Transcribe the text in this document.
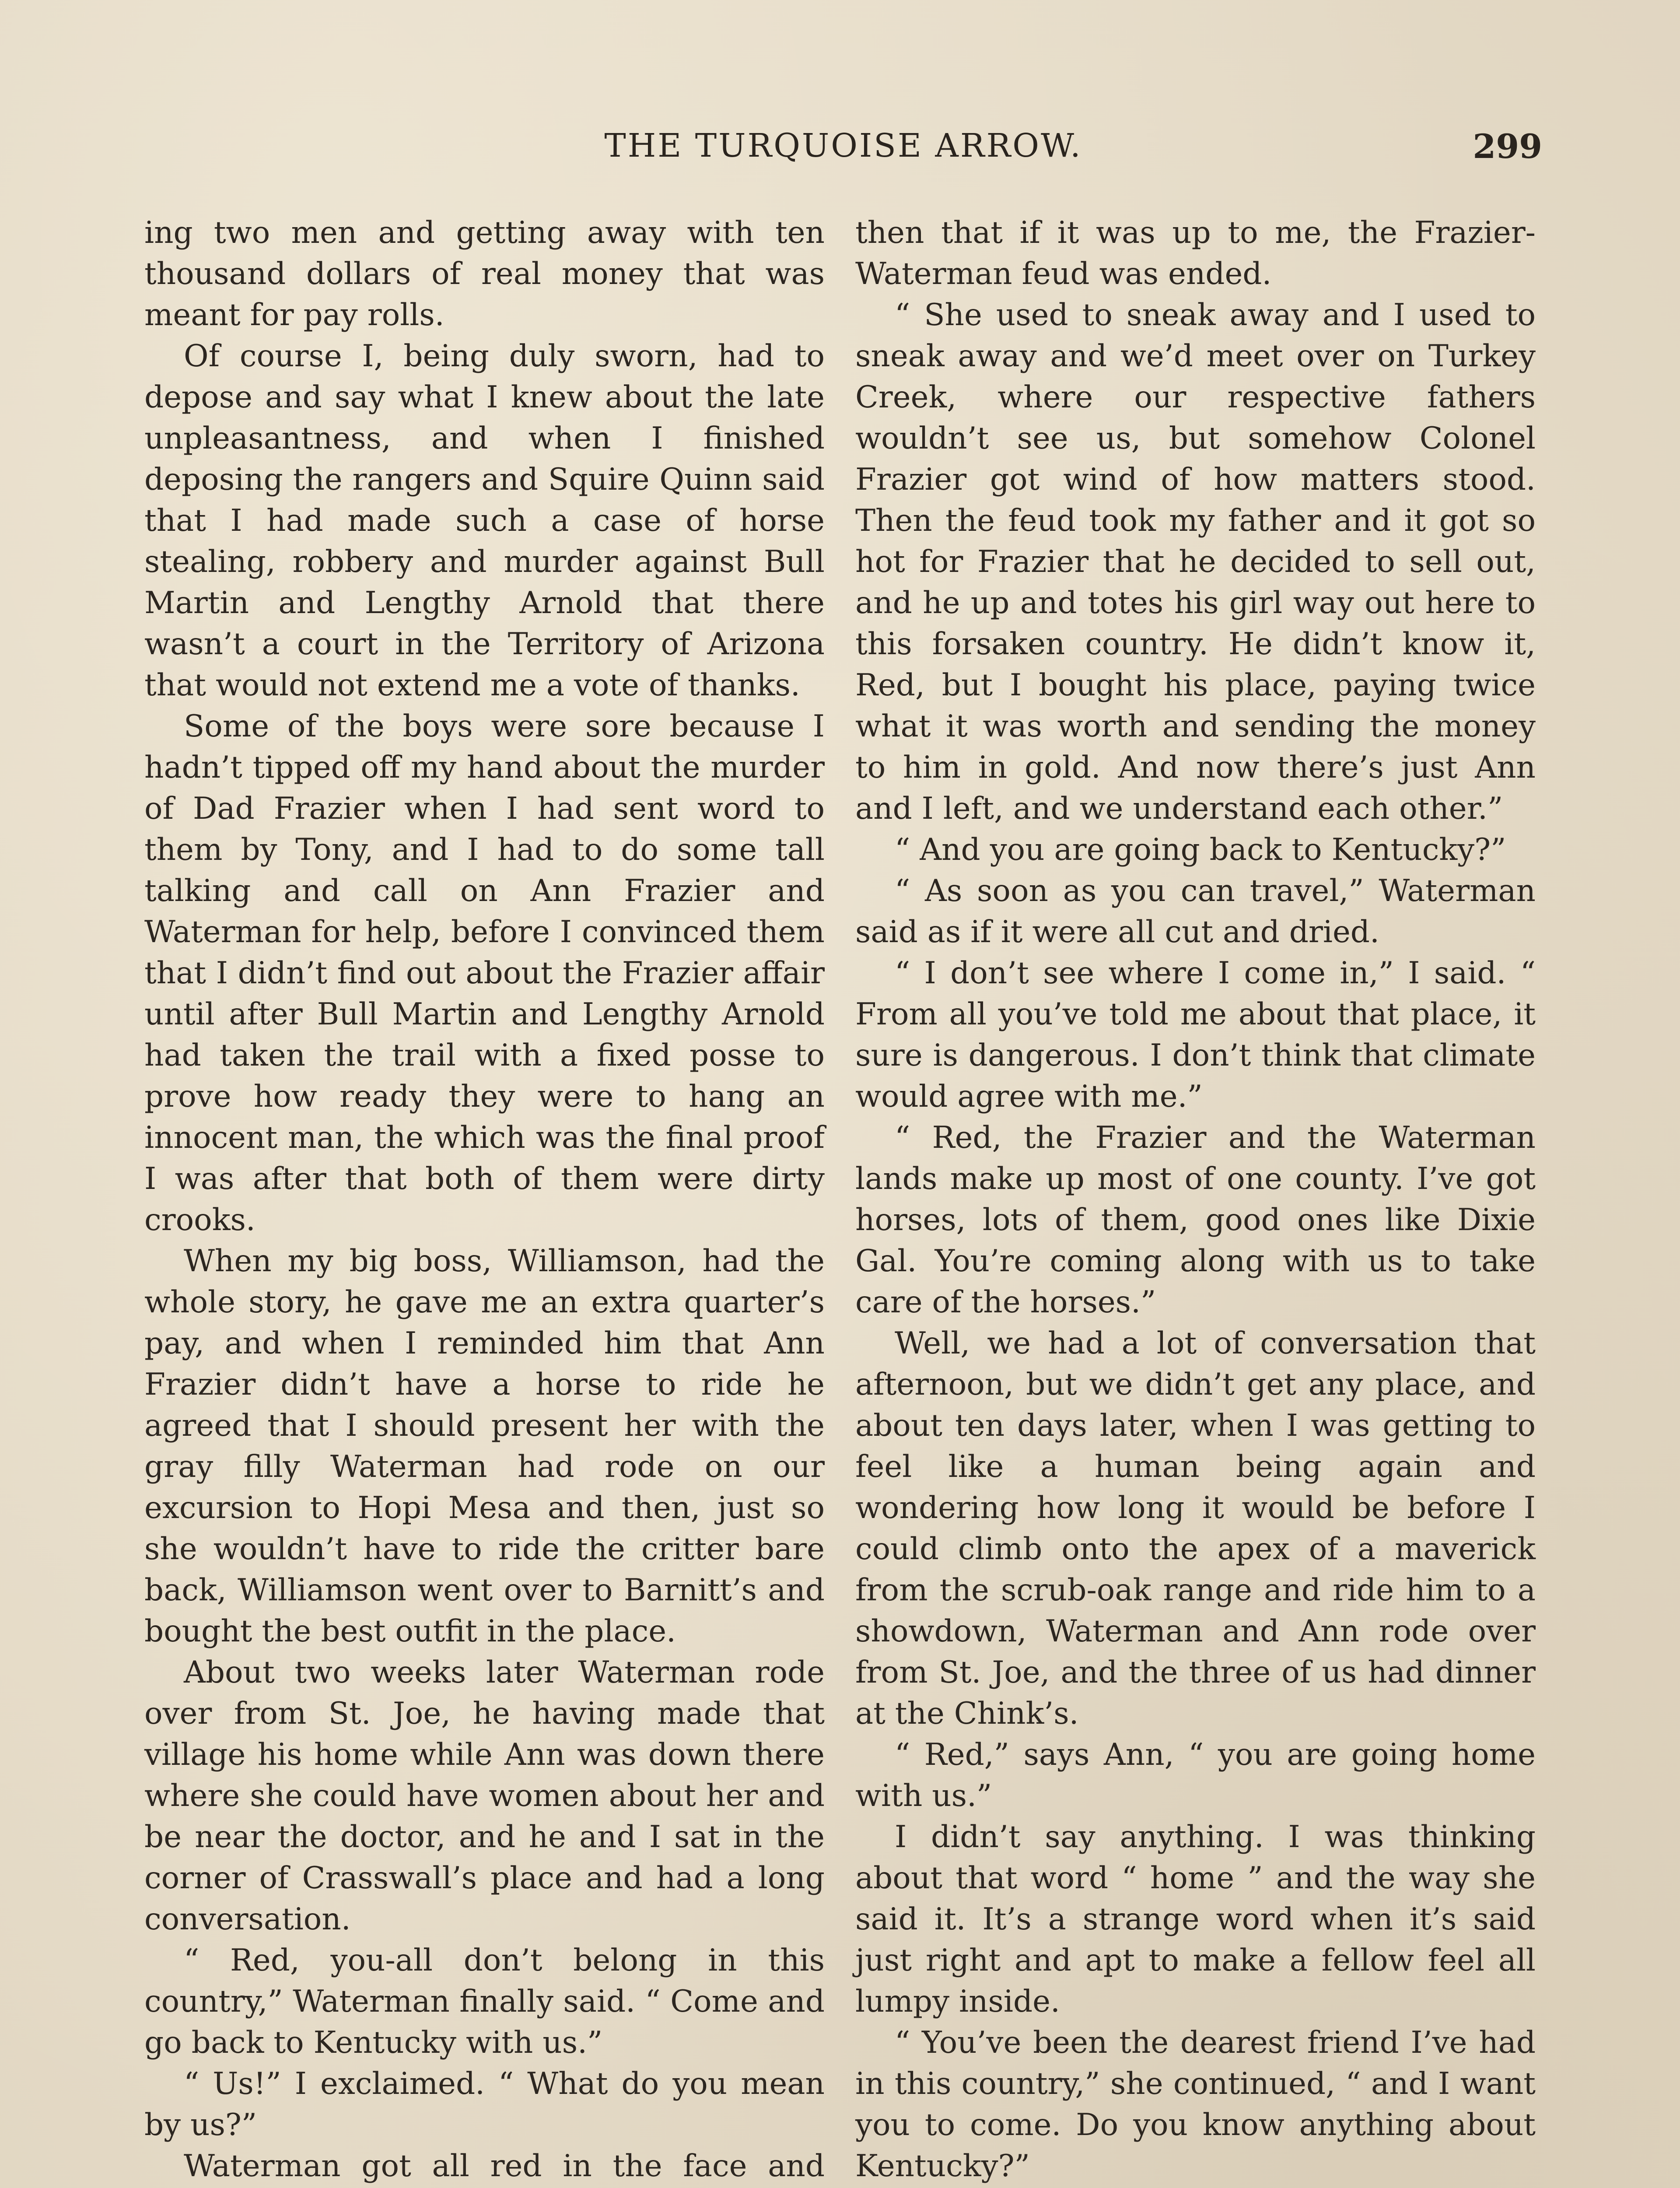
THE TURQUOISE ARROW.	299

ing two men and getting away with ten thousand dollars of real money that was meant for pay rolls.

Of course I, being duly sworn, had to depose and say what I knew about the late unpleasantness, and when I finished deposing the rangers and Squire Quinn said that I had made such a case of horse stealing, robbery and murder against Bull Martin and Lengthy Arnold that there wasn’t a court in the Territory of Arizona that would not extend me a vote of thanks.

Some of the boys were sore because I hadn’t tipped off my hand about the murder of Dad Frazier when I had sent word to them by Tony, and I had to do some tall talking and call on Ann Frazier and Waterman for help, before I convinced them that I didn’t find out about the Frazier affair until after Bull Martin and Lengthy Arnold had taken the trail with a fixed posse to prove how ready they were to hang an innocent man, the which was the final proof I was after that both of them were dirty crooks.

When my big boss, Williamson, had the whole story, he gave me an extra quarter’s pay, and when I reminded him that Ann Frazier didn’t have a horse to ride he agreed that I should present her with the gray filly Waterman had rode on our excursion to Hopi Mesa and then, just so she wouldn’t have to ride the critter bare back, Williamson went over to Barnitt’s and bought the best outfit in the place.

About two weeks later Waterman rode over from St. Joe, he having made that village his home while Ann was down there where she could have women about her and be near the doctor, and he and I sat in the corner of Crasswall’s place and had a long conversation.

“ Red, you-all don’t belong in this country,” Waterman finally said. “ Come and go back to Kentucky with us.”

“ Us!” I exclaimed. “ What do you mean by us?”

Waterman got all red in the face and

then that if it was up to me, the Frazier-Waterman feud was ended.

“ She used to sneak away and I used to sneak away and we’d meet over on Turkey Creek, where our respective fathers wouldn’t see us, but somehow Colonel Frazier got wind of how matters stood. Then the feud took my father and it got so hot for Frazier that he decided to sell out, and he up and totes his girl way out here to this forsaken country. He didn’t know it, Red, but I bought his place, paying twice what it was worth and sending the money to him in gold. And now there’s just Ann and I left, and we understand each other.”

“ And you are going back to Kentucky?”

“ As soon as you can travel,” Waterman said as if it were all cut and dried.

“ I don’t see where I come in,” I said. “ From all you’ve told me about that place, it sure is dangerous. I don’t think that climate would agree with me.”

“ Red, the Frazier and the Waterman lands make up most of one county. I’ve got horses, lots of them, good ones like Dixie Gal. You’re coming along with us to take care of the horses.”

Well, we had a lot of conversation that afternoon, but we didn’t get any place, and about ten days later, when I was getting to feel like a human being again and wondering how long it would be before I could climb onto the apex of a maverick from the scrub-oak range and ride him to a showdown, Waterman and Ann rode over from St. Joe, and the three of us had dinner at the Chink’s.

“ Red,” says Ann, “ you are going home with us.”

I didn’t say anything. I was thinking about that word “ home ” and the way she said it. It’s a strange word when it’s said just right and apt to make a fellow feel all lumpy inside.

“ You’ve been the dearest friend I’ve had in this country,” she continued, “ and I want you to come. Do you know anything about Kentucky?”
